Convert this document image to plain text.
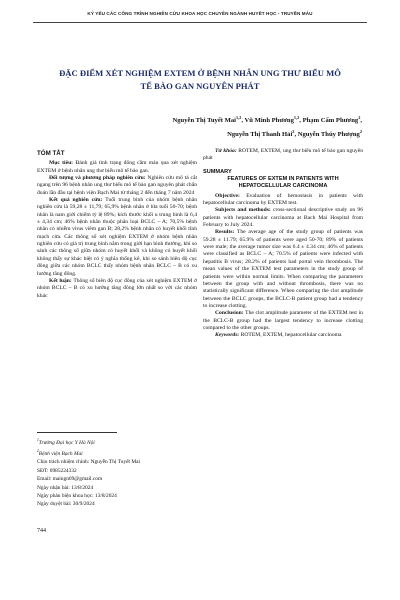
KỶ YẾU CÁC CÔNG TRÌNH NGHIÊN CỨU KHOA HỌC CHUYÊN NGÀNH HUYẾT HỌC - TRUYỀN MÁU
ĐẶC ĐIỂM XÉT NGHIỆM EXTEM Ở BỆNH NHÂN UNG THƯ BIỂU MÔ
TẾ BÀO GAN NGUYÊN PHÁT
Nguyễn Thị Tuyết Mai$^{1,2}$, Vũ Minh Phương$^{1,2}$, Phạm Cẩm Phương$^2$,
Nguyễn Thị Thanh Hải$^2$, Nguyễn Thúy Phượng$^2$
TÓM TẮT

Mục tiêu: Đánh giá tình trạng đông cầm máu qua xét nghiệm EXTEM ở bệnh nhân ung thư biểu mô tế bào gan.

Đối tượng và phương pháp nghiên cứu: Nghiên cứu mô tả cắt ngang trên 96 bệnh nhân ung thư biểu mô tế bào gan nguyên phát chẩn đoán lần đầu tại bệnh viện Bạch Mai từ tháng 2 đến tháng 7 năm 2024

Kết quả nghiên cứu: Tuổi trung bình của nhóm bệnh nhân nghiên cứu là 59,28 ± 11,79; 65,9% bệnh nhân ở lứa tuổi 50-70; bệnh nhân là nam giới chiếm tỷ lệ 89%; kích thước khối u trung bình là 6,4 ± 4,34 cm; 46% bệnh nhân thuộc phân loại BCLC – A; 70,5% bệnh nhân có nhiễm virus viêm gan B; 28,2% bệnh nhân có huyết khối tĩnh mạch cửa. Các thông số xét nghiệm EXTEM ở nhóm bệnh nhân nghiên cứu có giá trị trung bình nằm trong giới hạn bình thường, khi so sánh các thông số giữa nhóm có huyết khối và không có huyết khối không thấy sự khác biệt có ý nghĩa thống kê, khi so sánh biên độ cục đông giữa các nhóm BCLC thấy nhóm bệnh nhân BCLC – B có xu hướng tăng đông.

Kết luận: Thông số biên độ cục đông của xét nghiệm EXTEM ở nhóm BCLC – B có xu hướng tăng đông lớn nhất so với các nhóm khác

Từ khóa: ROTEM, EXTEM, ung thư biểu mô tế bào gan nguyên phát

SUMMARY
FEATURES OF EXTEM IN PATIENTS WITH HEPATOCELLULAR CARCINOMA

Objective: Evaluation of hemostasis in patients with hepatocellular carcinoma by EXTEM test.

Subjects and methods: cross-sectional descriptive study on 96 patients with hepatocellular carcinoma at Bach Mai Hospital from February to July 2024.

Results: The average age of the study group of patients was 59.28 ± 11.79; 65.9% of patients were aged 50-70; 89% of patients were male; the average tumor size was 6.4 ± 4.34 cm; 46% of patients were classified as BCLC – A; 70.5% of patients were infected with hepatitis B virus; 28.2% of patients had portal vein thrombosis. The mean values of the EXTEM test parameters in the study group of patients were within normal limits. When comparing the parameters between the group with and without thrombosis, there was no statistically significant difference. When comparing the clot amplitude between the BCLC groups, the BCLC-B patient group had a tendency to increase clotting.

Conclusion: The clot amplitude parameter of the EXTEM test in the BCLC-B group had the largest tendency to increase clotting compared to the other groups.

Keywords: ROTEM, EXTEM, hepatocellular carcinoma

$^1$Trường Đại học Y Hà Nội
$^2$Bệnh viện Bạch Mai
Chịu trách nhiệm chính: Nguyễn Thị Tuyết Mai
SĐT: 0985224332
Email: maingn09@gmail.com
Ngày nhận bài: 13/8/2024
Ngày phản biện khoa học: 13/8/2024
Ngày duyệt bài: 30/9/2024
744
